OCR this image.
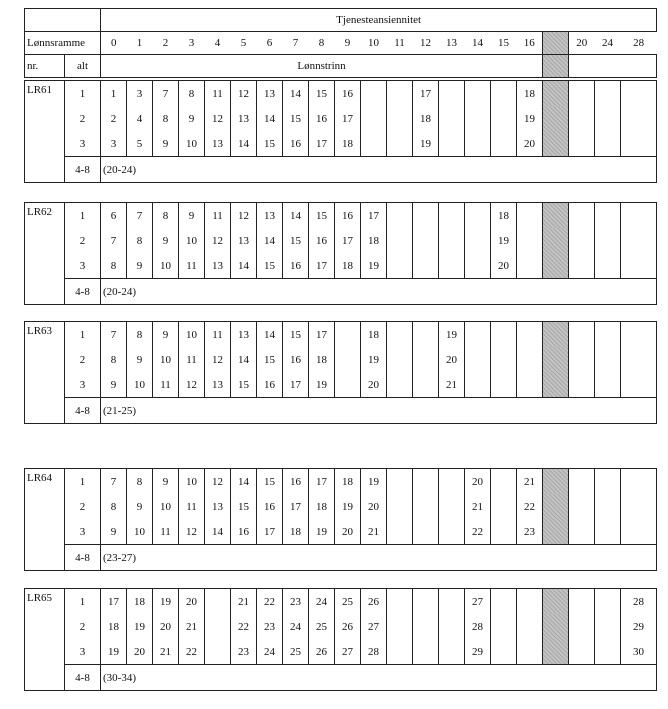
		Tjenesteansiennitet																				
Lønnsramme		0	1	2	3	4	5	6	7	8	9	10	11	12	13	14	15	16		20	24	28
nr.	alt	Lønnstrinn																				
LR61	1	1	3	7	8	11	12	13	14	15	16			17				18				
	2	2	4	8	9	12	13	14	15	16	17			18				19				
	3	3	5	9	10	13	14	15	16	17	18			19				20				
	4-8	(20-24)																				
LR62	1	6	7	8	9	11	12	13	14	15	16	17					18					
	2	7	8	9	10	12	13	14	15	16	17	18					19					
	3	8	9	10	11	13	14	15	16	17	18	19					20					
	4-8	(20-24)																				
LR63	1	7	8	9	10	11	13	14	15	17		18			19							
	2	8	9	10	11	12	14	15	16	18		19			20							
	3	9	10	11	12	13	15	16	17	19		20			21							
	4-8	(21-25)																				
LR64	1	7	8	9	10	12	14	15	16	17	18	19				20		21				
	2	8	9	10	11	13	15	16	17	18	19	20				21		22				
	3	9	10	11	12	14	16	17	18	19	20	21				22		23				
	4-8	(23-27)																				
LR65	1	17	18	19	20		21	22	23	24	25	26				27						28
	2	18	19	20	21		22	23	24	25	26	27				28						29
	3	19	20	21	22		23	24	25	26	27	28				29						30
	4-8	(30-34)																				
